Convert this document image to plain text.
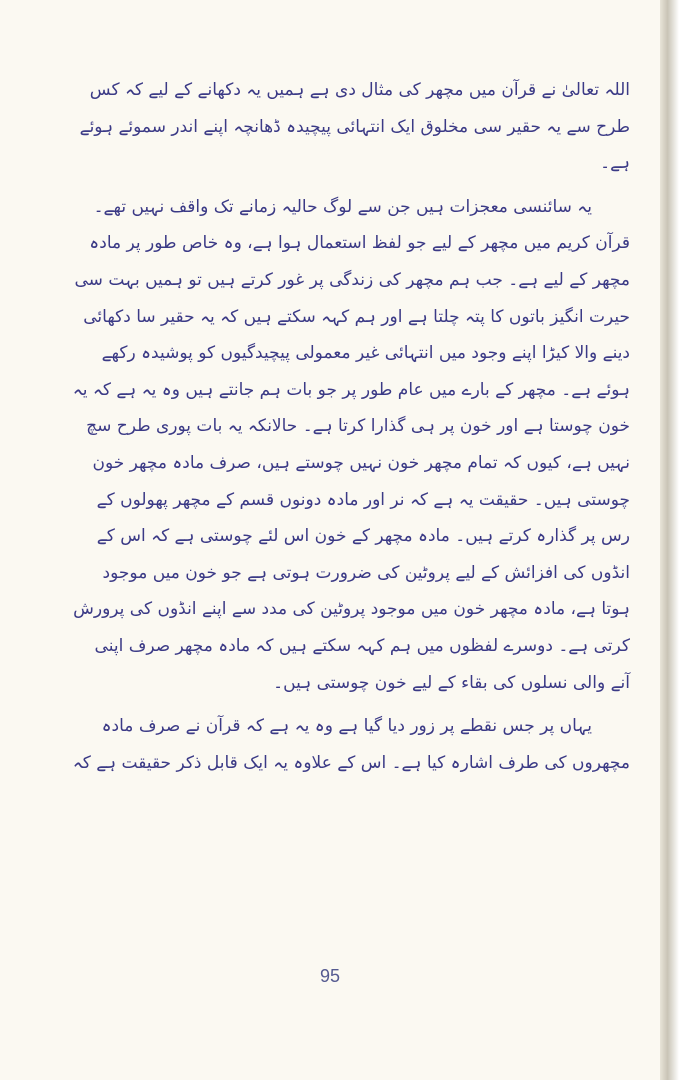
اللہ تعالیٰ نے قرآن میں مچھر کی مثال دی ہے ہمیں یہ دکھانے کے لیے کہ کس طرح سے یہ حقیر سی مخلوق ایک انتہائی پیچیدہ ڈھانچہ اپنے اندر سموئے ہوئے ہے۔

یہ سائنسی معجزات ہیں جن سے لوگ حالیہ زمانے تک واقف نہیں تھے۔ قرآن کریم میں مچھر کے لیے جو لفظ استعمال ہوا ہے، وہ خاص طور پر مادہ مچھر کے لیے ہے۔ جب ہم مچھر کی زندگی پر غور کرتے ہیں تو ہمیں بہت سی حیرت انگیز باتوں کا پتہ چلتا ہے اور ہم کہہ سکتے ہیں کہ یہ حقیر سا دکھائی دینے والا کیڑا اپنے وجود میں انتہائی غیر معمولی پیچیدگیوں کو پوشیدہ رکھے ہوئے ہے۔ مچھر کے بارے میں عام طور پر جو بات ہم جانتے ہیں وہ یہ ہے کہ یہ خون چوستا ہے اور خون پر ہی گذارا کرتا ہے۔ حالانکہ یہ بات پوری طرح سچ نہیں ہے، کیوں کہ تمام مچھر خون نہیں چوستے ہیں، صرف مادہ مچھر خون چوستی ہیں۔ حقیقت یہ ہے کہ نر اور مادہ دونوں قسم کے مچھر پھولوں کے رس پر گذارہ کرتے ہیں۔ مادہ مچھر کے خون اس لئے چوستی ہے کہ اس کے انڈوں کی افزائش کے لیے پروٹین کی ضرورت ہوتی ہے جو خون میں موجود ہوتا ہے، مادہ مچھر خون میں موجود پروٹین کی مدد سے اپنے انڈوں کی پرورش کرتی ہے۔ دوسرے لفظوں میں ہم کہہ سکتے ہیں کہ مادہ مچھر صرف اپنی آنے والی نسلوں کی بقاء کے لیے خون چوستی ہیں۔

یہاں پر جس نقطے پر زور دیا گیا ہے وہ یہ ہے کہ قرآن نے صرف مادہ مچھروں کی طرف اشارہ کیا ہے۔ اس کے علاوہ یہ ایک قابل ذکر حقیقت ہے کہ

95
